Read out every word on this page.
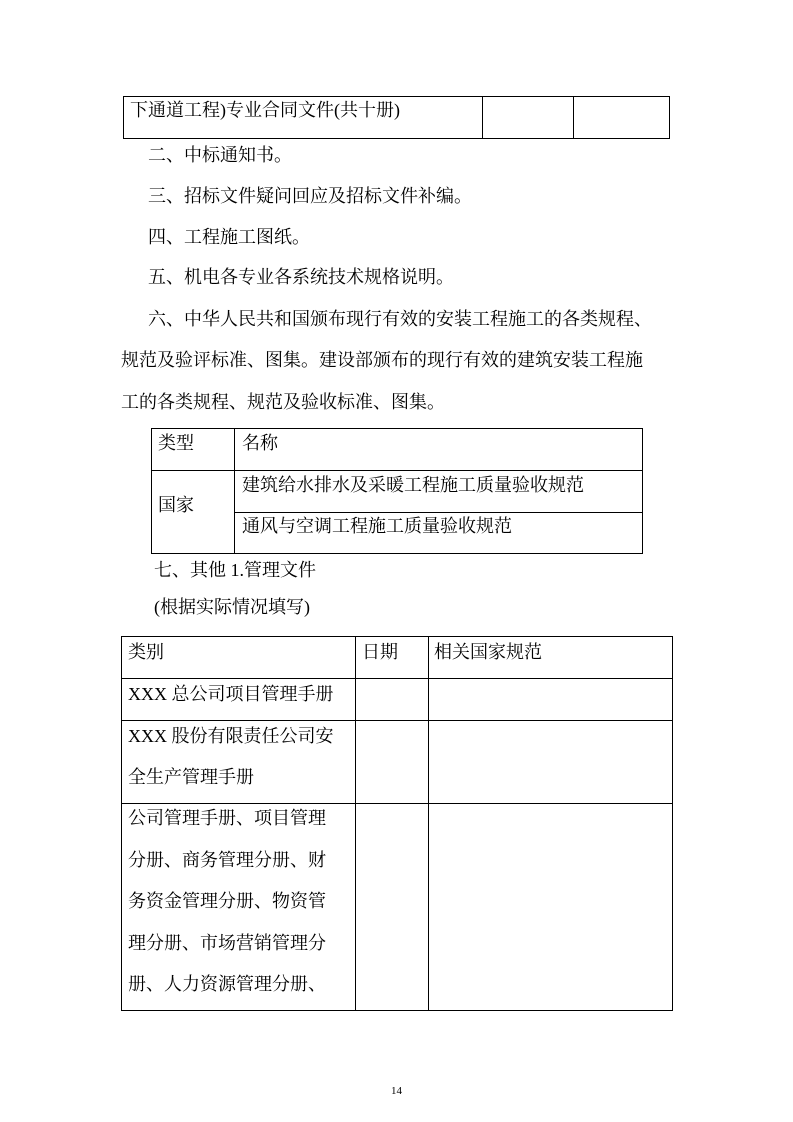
下通道工程)专业合同文件(共十册)
二、中标通知书。
三、招标文件疑问回应及招标文件补编。
四、工程施工图纸。
五、机电各专业各系统技术规格说明。
六、中华人民共和国颁布现行有效的安装工程施工的各类规程、
规范及验评标准、图集。建设部颁布的现行有效的建筑安装工程施
工的各类规程、规范及验收标准、图集。
类型	名称
国家
建筑给水排水及采暖工程施工质量验收规范
通风与空调工程施工质量验收规范
七、其他 1.管理文件
(根据实际情况填写)
类别	日期 相关国家规范
XXX 总公司项目管理手册
XXX 股份有限责任公司安
全生产管理手册
公司管理手册、项目管理
分册、商务管理分册、财
务资金管理分册、物资管
理分册、市场营销管理分
册、人力资源管理分册、
14
